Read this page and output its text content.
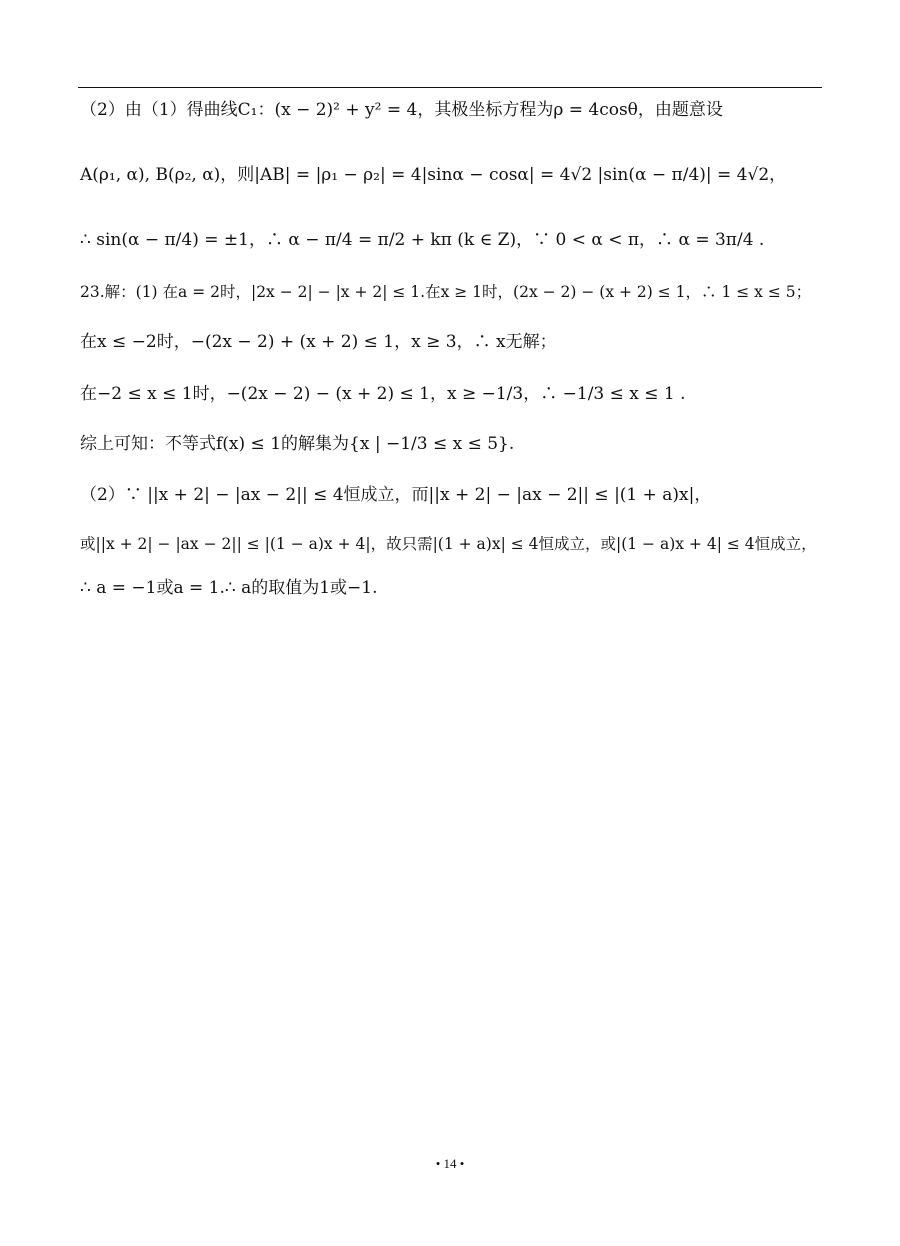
（2）由（1）得曲线C₁：(x − 2)² + y² = 4，其极坐标方程为ρ = 4cosθ，由题意设
A(ρ₁, α), B(ρ₂, α)，则|AB| = |ρ₁ − ρ₂| = 4|sinα − cosα| = 4√2 |sin(α − π/4)| = 4√2，
∴ sin(α − π/4) = ±1，∴ α − π/4 = π/2 + kπ (k ∈ Z)，∵ 0 < α < π，∴ α = 3π/4 .
23.解：(1) 在a = 2时，|2x − 2| − |x + 2| ≤ 1.在x ≥ 1时，(2x − 2) − (x + 2) ≤ 1，∴ 1 ≤ x ≤ 5；
在x ≤ −2时，−(2x − 2) + (x + 2) ≤ 1，x ≥ 3，∴ x无解；
在−2 ≤ x ≤ 1时，−(2x − 2) − (x + 2) ≤ 1，x ≥ −1/3，∴ −1/3 ≤ x ≤ 1 .
综上可知：不等式f(x) ≤ 1的解集为{x | −1/3 ≤ x ≤ 5}.
（2）∵ ||x + 2| − |ax − 2|| ≤ 4恒成立，而||x + 2| − |ax − 2|| ≤ |(1 + a)x|，
或||x + 2| − |ax − 2|| ≤ |(1 − a)x + 4|，故只需|(1 + a)x| ≤ 4恒成立，或|(1 − a)x + 4| ≤ 4恒成立，
∴ a = −1或a = 1.∴ a的取值为1或−1.
• 14 •
